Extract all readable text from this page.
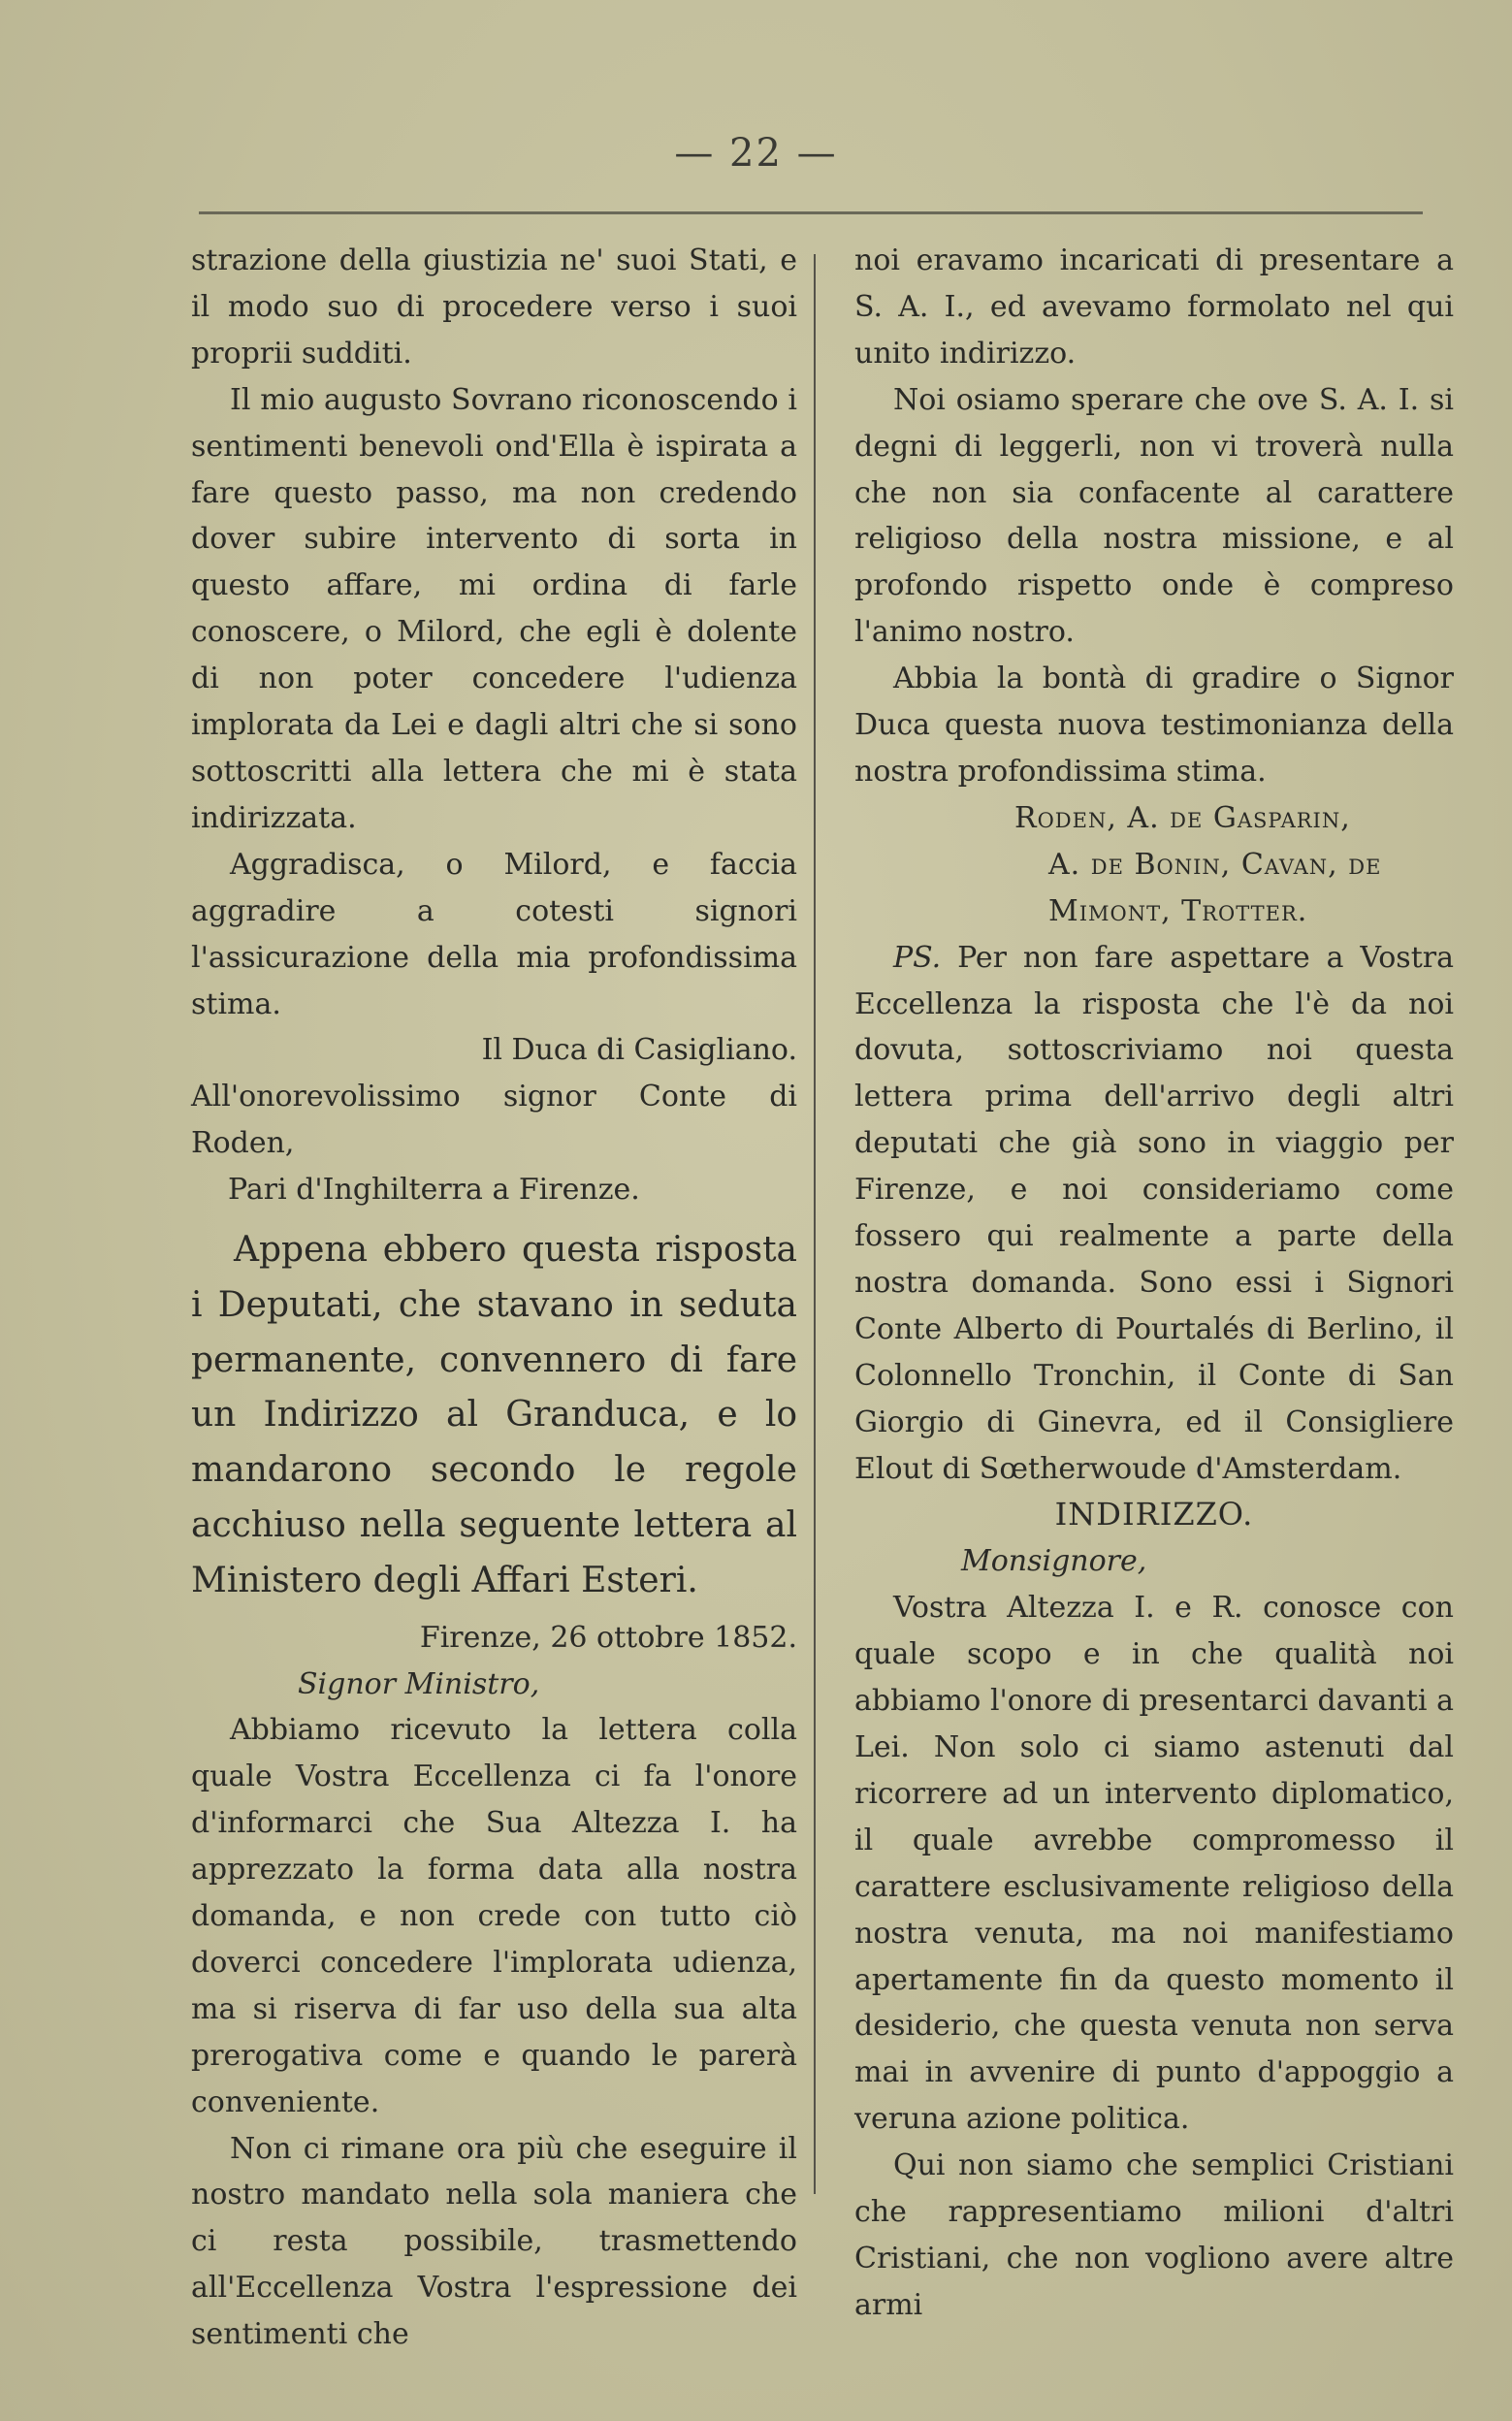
— 22 —

strazione della giustizia ne' suoi Stati, e il modo suo di procedere verso i suoi proprii sudditi.

Il mio augusto Sovrano riconoscendo i sentimenti benevoli ond'Ella è ispirata a fare questo passo, ma non credendo dover subire intervento di sorta in questo affare, mi ordina di farle conoscere, o Milord, che egli è dolente di non poter concedere l'udienza implorata da Lei e dagli altri che si sono sottoscritti alla lettera che mi è stata indirizzata.

Aggradisca, o Milord, e faccia aggradire a cotesti signori l'assicurazione della mia profondissima stima.

Il Duca di Casigliano.

All'onorevolissimo signor Conte di Roden,

Pari d'Inghilterra a Firenze.

Appena ebbero questa risposta i Deputati, che stavano in seduta permanente, convennero di fare un Indirizzo al Granduca, e lo mandarono secondo le regole acchiuso nella seguente lettera al Ministero degli Affari Esteri.

Firenze, 26 ottobre 1852.

Signor Ministro,

Abbiamo ricevuto la lettera colla quale Vostra Eccellenza ci fa l'onore d'informarci che Sua Altezza I. ha apprezzato la forma data alla nostra domanda, e non crede con tutto ciò doverci concedere l'implorata udienza, ma si riserva di far uso della sua alta prerogativa come e quando le parerà conveniente.

Non ci rimane ora più che eseguire il nostro mandato nella sola maniera che ci resta possibile, trasmettendo all'Eccellenza Vostra l'espressione dei sentimenti che

noi eravamo incaricati di presentare a S. A. I., ed avevamo formolato nel qui unito indirizzo.

Noi osiamo sperare che ove S. A. I. si degni di leggerli, non vi troverà nulla che non sia confacente al carattere religioso della nostra missione, e al profondo rispetto onde è compreso l'animo nostro.

Abbia la bontà di gradire o Signor Duca questa nuova testimonianza della nostra profondissima stima.

Roden, A. de Gasparin,

A. de Bonin, Cavan, de

Mimont, Trotter.

PS. Per non fare aspettare a Vostra Eccellenza la risposta che l'è da noi dovuta, sottoscriviamo noi questa lettera prima dell'arrivo degli altri deputati che già sono in viaggio per Firenze, e noi consideriamo come fossero qui realmente a parte della nostra domanda. Sono essi i Signori Conte Alberto di Pourtalés di Berlino, il Colonnello Tronchin, il Conte di San Giorgio di Ginevra, ed il Consigliere Elout di Sœtherwoude d'Amsterdam.

INDIRIZZO.

Monsignore,

Vostra Altezza I. e R. conosce con quale scopo e in che qualità noi abbiamo l'onore di presentarci davanti a Lei. Non solo ci siamo astenuti dal ricorrere ad un intervento diplomatico, il quale avrebbe compromesso il carattere esclusivamente religioso della nostra venuta, ma noi manifestiamo apertamente fin da questo momento il desiderio, che questa venuta non serva mai in avvenire di punto d'appoggio a veruna azione politica.

Qui non siamo che semplici Cristiani che rappresentiamo milioni d'altri Cristiani, che non vogliono avere altre armi
